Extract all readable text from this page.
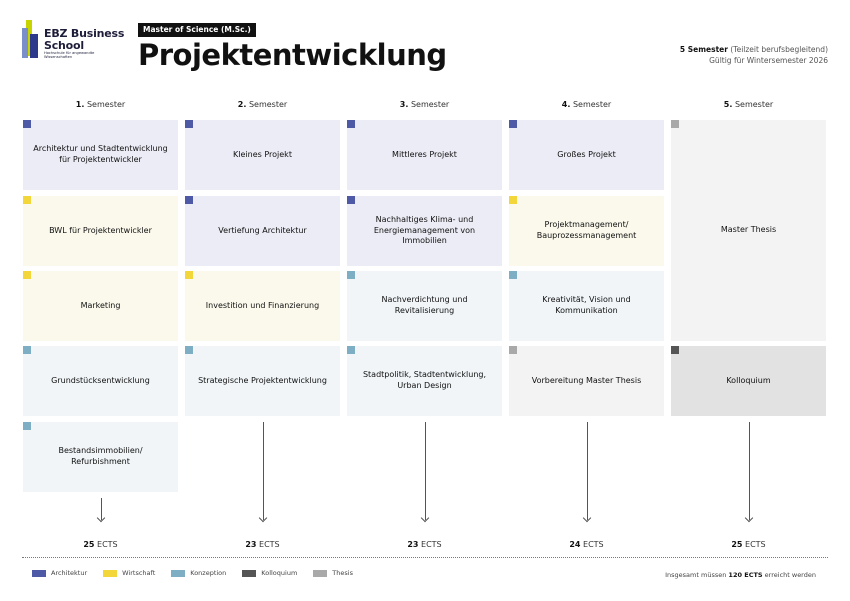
EBZ Business
School
Hochschule für angewandte Wissenschaften
Master of Science (M.Sc.)
Projektentwicklung	5 Semester (Teilzeit berufsbegleitend)
Gültig für Wintersemester 2026
1. Semester	2. Semester	3. Semester	4. Semester	5. Semester
Architektur und Stadtentwicklung für Projektentwickler
BWL für Projektentwickler
Marketing
Grundstücksentwicklung
Bestandsimmobilien/ Refurbishment
Kleines Projekt
Vertiefung Architektur
Investition und Finanzierung
Strategische Projektentwicklung
Mittleres Projekt
Nachhaltiges Klima- und Energiemanagement von Immobilien
Nachverdichtung und Revitalisierung
Stadtpolitik, Stadtentwicklung, Urban Design
Großes Projekt
Projektmanagement/ Bauprozessmanagement
Kreativität, Vision und Kommunikation
Vorbereitung Master Thesis
Master Thesis
Kolloquium
25 ECTS	23 ECTS	23 ECTS	24 ECTS	25 ECTS
Architektur	Wirtschaft	Konzeption	Kolloquium	Thesis	Insgesamt müssen 120 ECTS erreicht werden
